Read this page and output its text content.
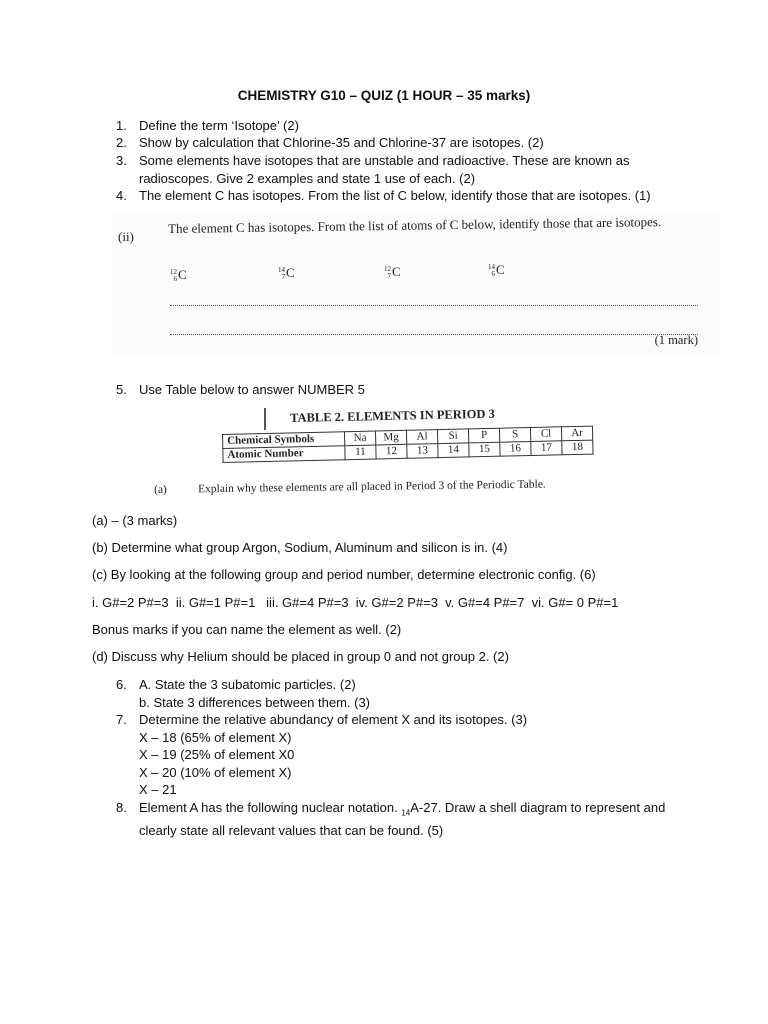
CHEMISTRY G10 – QUIZ (1 HOUR – 35 marks)
1. Define the term ‘Isotope’ (2)
2. Show by calculation that Chlorine-35 and Chlorine-37 are isotopes. (2)
3. Some elements have isotopes that are unstable and radioactive. These are known as
radioscopes. Give 2 examples and state 1 use of each. (2)
4. The element C has isotopes. From the list of C below, identify those that are isotopes. (1)
(ii)
The element C has isotopes. From the list of atoms of C below, identify those that are isotopes.
12
6C	14
7C	12
7C	14
6C
(1 mark)
5. Use Table below to answer NUMBER 5
TABLE 2. ELEMENTS IN PERIOD 3
Chemical Symbols	Na	Mg	Al	Si	P	S	Cl	Ar
Atomic Number	11	12	13	14	15	16	17	18
(a)	Explain why these elements are all placed in Period 3 of the Periodic Table.
(a) – (3 marks)
(b) Determine what group Argon, Sodium, Aluminum and silicon is in. (4)
(c) By looking at the following group and period number, determine electronic config. (6)
i. G#=2 P#=3  ii. G#=1 P#=1   iii. G#=4 P#=3  iv. G#=2 P#=3  v. G#=4 P#=7  vi. G#= 0 P#=1
Bonus marks if you can name the element as well. (2)
(d) Discuss why Helium should be placed in group 0 and not group 2. (2)
6. A. State the 3 subatomic particles. (2)
b. State 3 differences between them. (3)
7. Determine the relative abundancy of element X and its isotopes. (3)
X – 18 (65% of element X)
X – 19 (25% of element X0
X – 20 (10% of element X)
X – 21
8. Element A has the following nuclear notation. $_{14}$A-27. Draw a shell diagram to represent and
clearly state all relevant values that can be found. (5)
